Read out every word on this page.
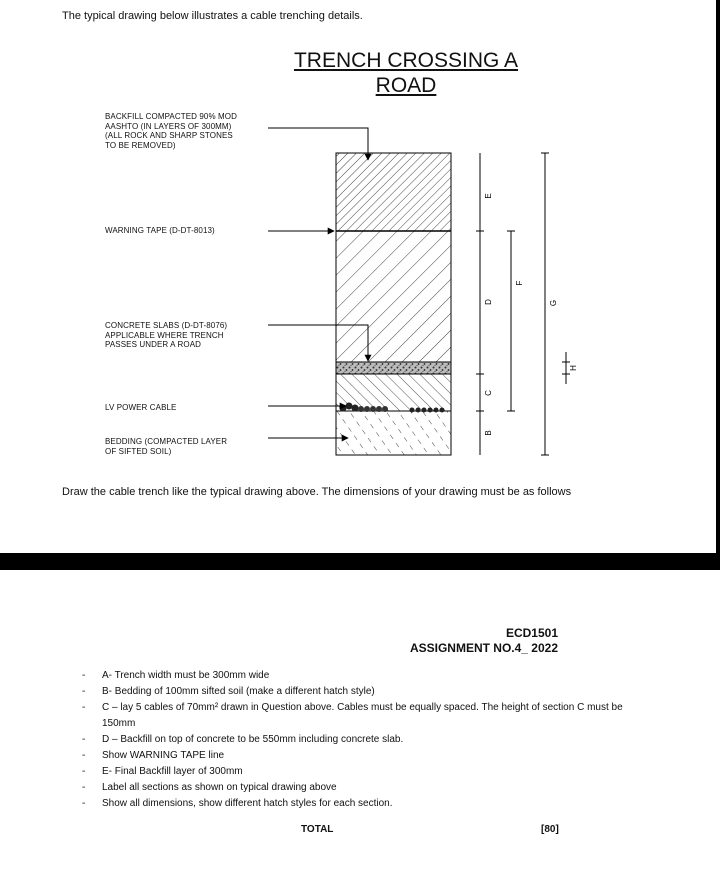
The typical drawing below illustrates a cable trenching details.
TRENCH CROSSING A
ROAD
BACKFILL COMPACTED 90% MOD
AASHTO (IN LAYERS OF 300MM)
(ALL ROCK AND SHARP STONES
TO BE REMOVED)
WARNING TAPE (D-DT-8013)
CONCRETE SLABS (D-DT-8076)
APPLICABLE WHERE TRENCH
PASSES UNDER A ROAD
LV POWER CABLE
BEDDING (COMPACTED LAYER
OF SIFTED SOIL)
E
D
C
B
F
G
H
Draw the cable trench like the typical drawing above. The dimensions of your drawing must be as follows
ECD1501
ASSIGNMENT NO.4_ 2022
- A- Trench width must be 300mm wide
- B- Bedding of 100mm sifted soil (make a different hatch style)
- C – lay 5 cables of 70mm² drawn in Question above. Cables must be equally spaced. The height of section C must be 150mm
- D – Backfill on top of concrete to be 550mm including concrete slab.
- Show WARNING TAPE line
- E- Final Backfill layer of 300mm
- Label all sections as shown on typical drawing above
- Show all dimensions, show different hatch styles for each section.
TOTAL	[80]
